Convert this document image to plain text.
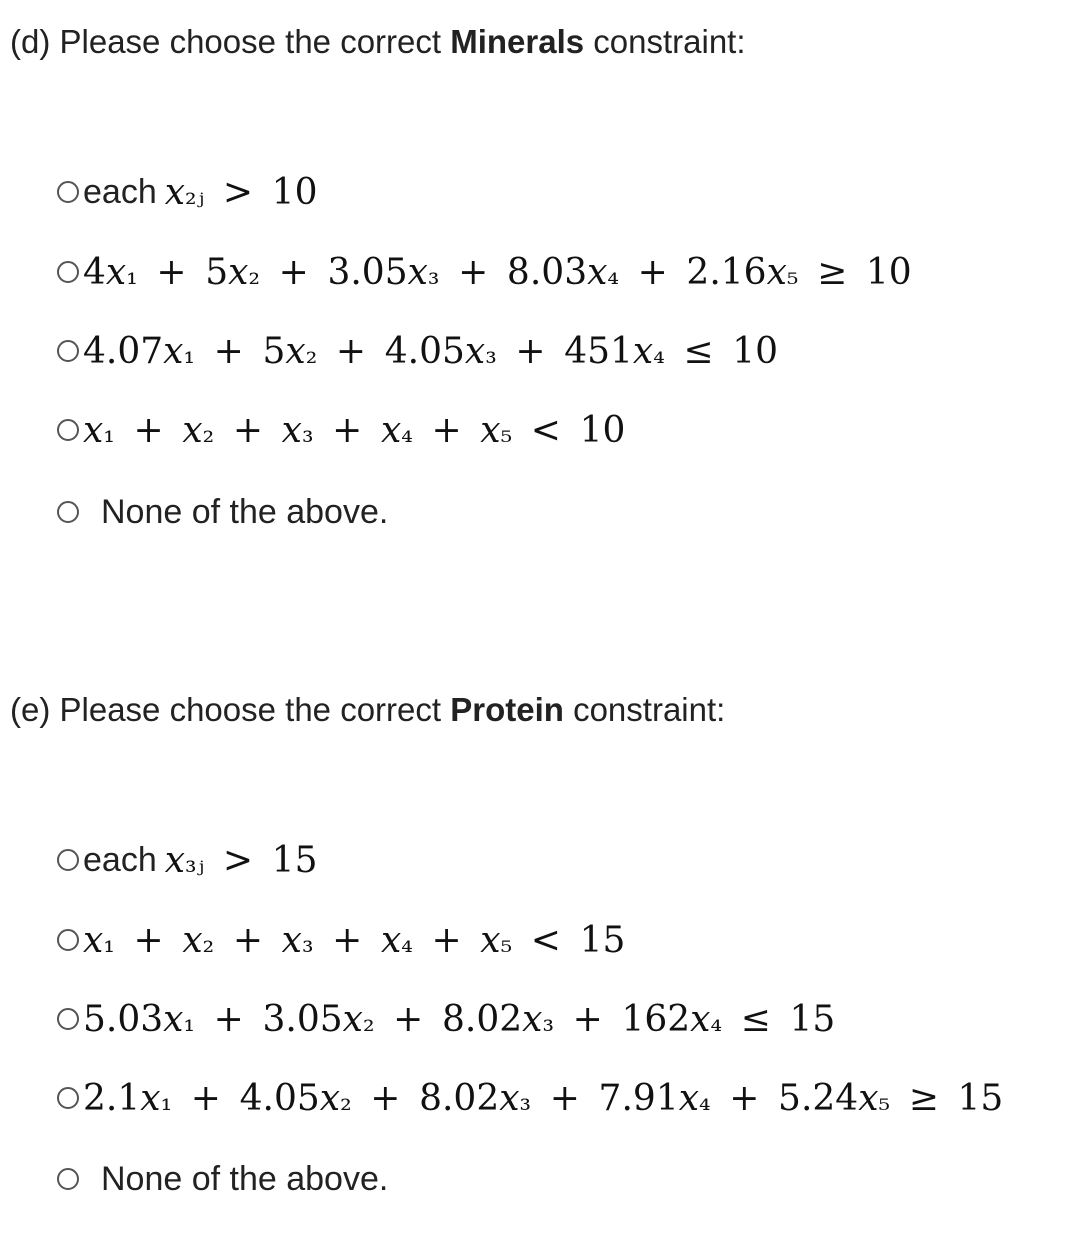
(d) Please choose the correct Minerals constraint:
each x₂ⱼ  >  10
4x₁  +  5x₂  +  3.05x₃  +  8.03x₄  +  2.16x₅  ≥  10
4.07x₁  +  5x₂  +  4.05x₃  +  451x₄  ≤  10
x₁  +  x₂  +  x₃  +  x₄  +  x₅  <  10
None of the above.
(e) Please choose the correct Protein constraint:
each x₃ⱼ  >  15
x₁  +  x₂  +  x₃  +  x₄  +  x₅  <  15
5.03x₁  +  3.05x₂  +  8.02x₃  +  162x₄  ≤  15
2.1x₁  +  4.05x₂  +  8.02x₃  +  7.91x₄  +  5.24x₅  ≥  15
None of the above.
